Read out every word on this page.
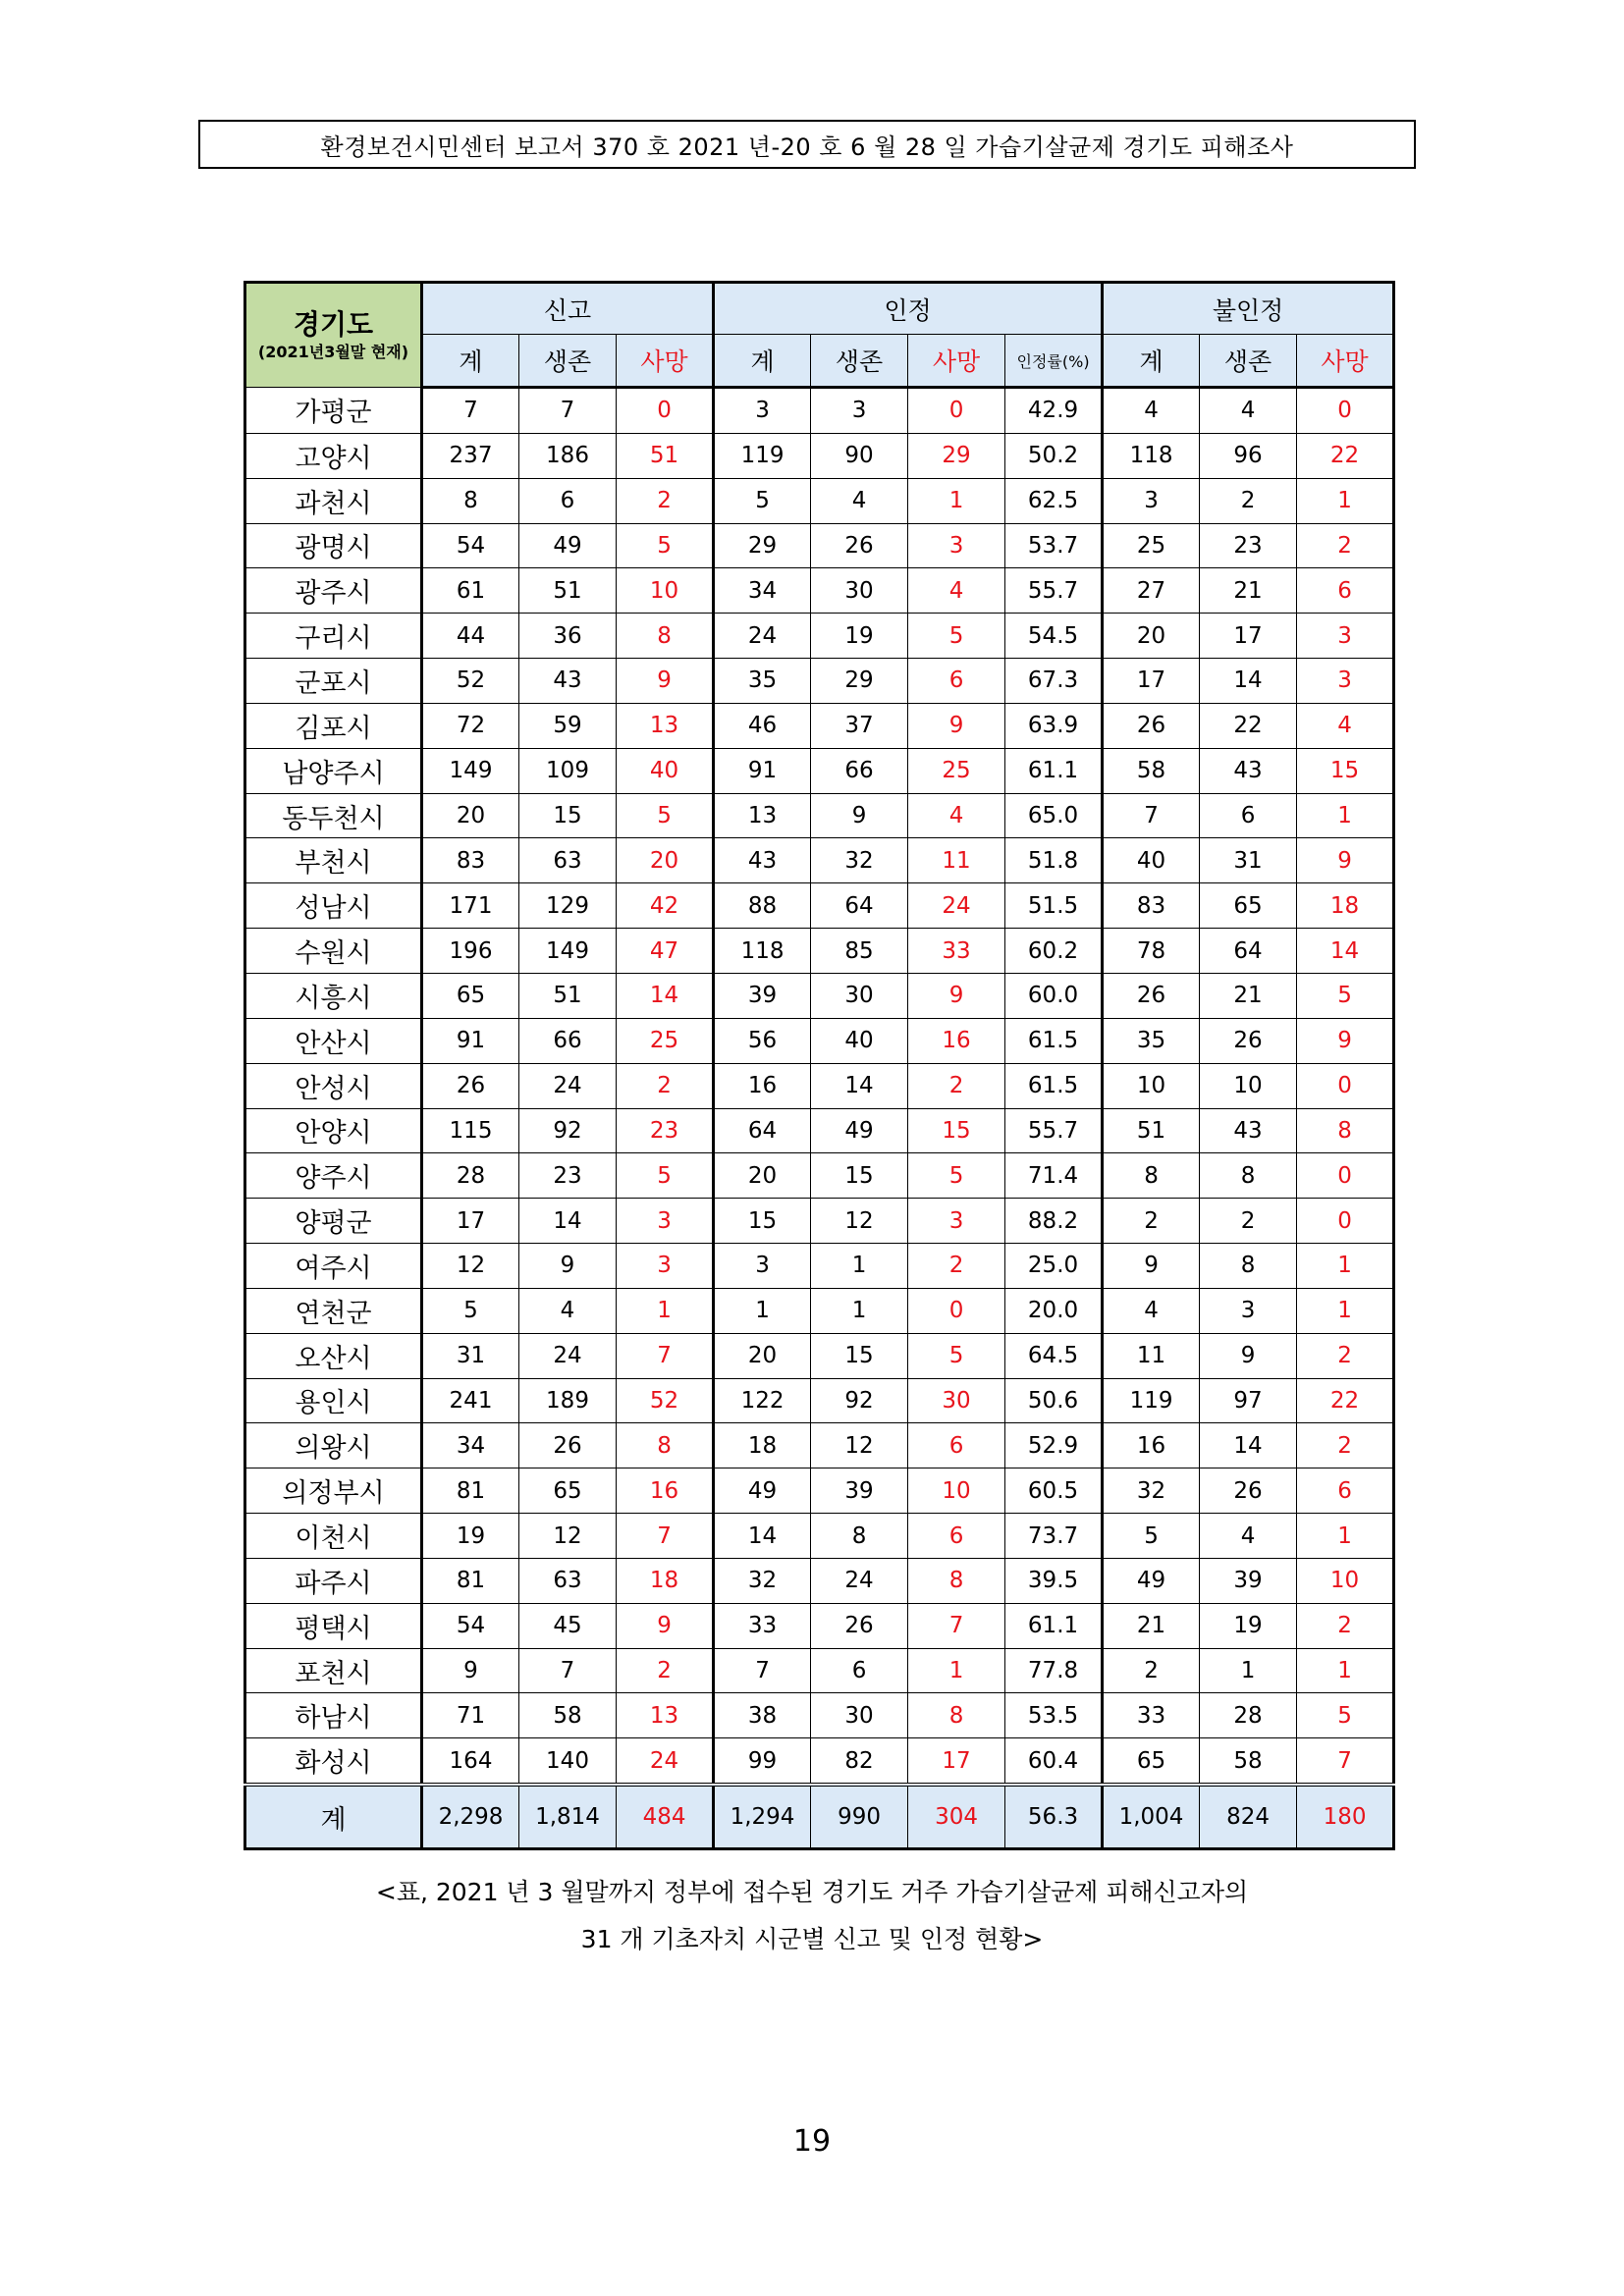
환경보건시민센터 보고서 370 호 2021 년-20 호 6 월 28 일 가습기살균제 경기도 피해조사
경기도
(2021년3월말 현재)	신고			인정				불인정		
	계	생존	사망	계	생존	사망	인정률(%)	계	생존	사망
가평군	7	7	0	3	3	0	42.9	4	4	0
고양시	237	186	51	119	90	29	50.2	118	96	22
과천시	8	6	2	5	4	1	62.5	3	2	1
광명시	54	49	5	29	26	3	53.7	25	23	2
광주시	61	51	10	34	30	4	55.7	27	21	6
구리시	44	36	8	24	19	5	54.5	20	17	3
군포시	52	43	9	35	29	6	67.3	17	14	3
김포시	72	59	13	46	37	9	63.9	26	22	4
남양주시	149	109	40	91	66	25	61.1	58	43	15
동두천시	20	15	5	13	9	4	65.0	7	6	1
부천시	83	63	20	43	32	11	51.8	40	31	9
성남시	171	129	42	88	64	24	51.5	83	65	18
수원시	196	149	47	118	85	33	60.2	78	64	14
시흥시	65	51	14	39	30	9	60.0	26	21	5
안산시	91	66	25	56	40	16	61.5	35	26	9
안성시	26	24	2	16	14	2	61.5	10	10	0
안양시	115	92	23	64	49	15	55.7	51	43	8
양주시	28	23	5	20	15	5	71.4	8	8	0
양평군	17	14	3	15	12	3	88.2	2	2	0
여주시	12	9	3	3	1	2	25.0	9	8	1
연천군	5	4	1	1	1	0	20.0	4	3	1
오산시	31	24	7	20	15	5	64.5	11	9	2
용인시	241	189	52	122	92	30	50.6	119	97	22
의왕시	34	26	8	18	12	6	52.9	16	14	2
의정부시	81	65	16	49	39	10	60.5	32	26	6
이천시	19	12	7	14	8	6	73.7	5	4	1
파주시	81	63	18	32	24	8	39.5	49	39	10
평택시	54	45	9	33	26	7	61.1	21	19	2
포천시	9	7	2	7	6	1	77.8	2	1	1
하남시	71	58	13	38	30	8	53.5	33	28	5
화성시	164	140	24	99	82	17	60.4	65	58	7
계	2,298	1,814	484	1,294	990	304	56.3	1,004	824	180
<표, 2021 년 3 월말까지 정부에 접수된 경기도 거주 가습기살균제 피해신고자의
31 개 기초자치 시군별 신고 및 인정 현황>
19
